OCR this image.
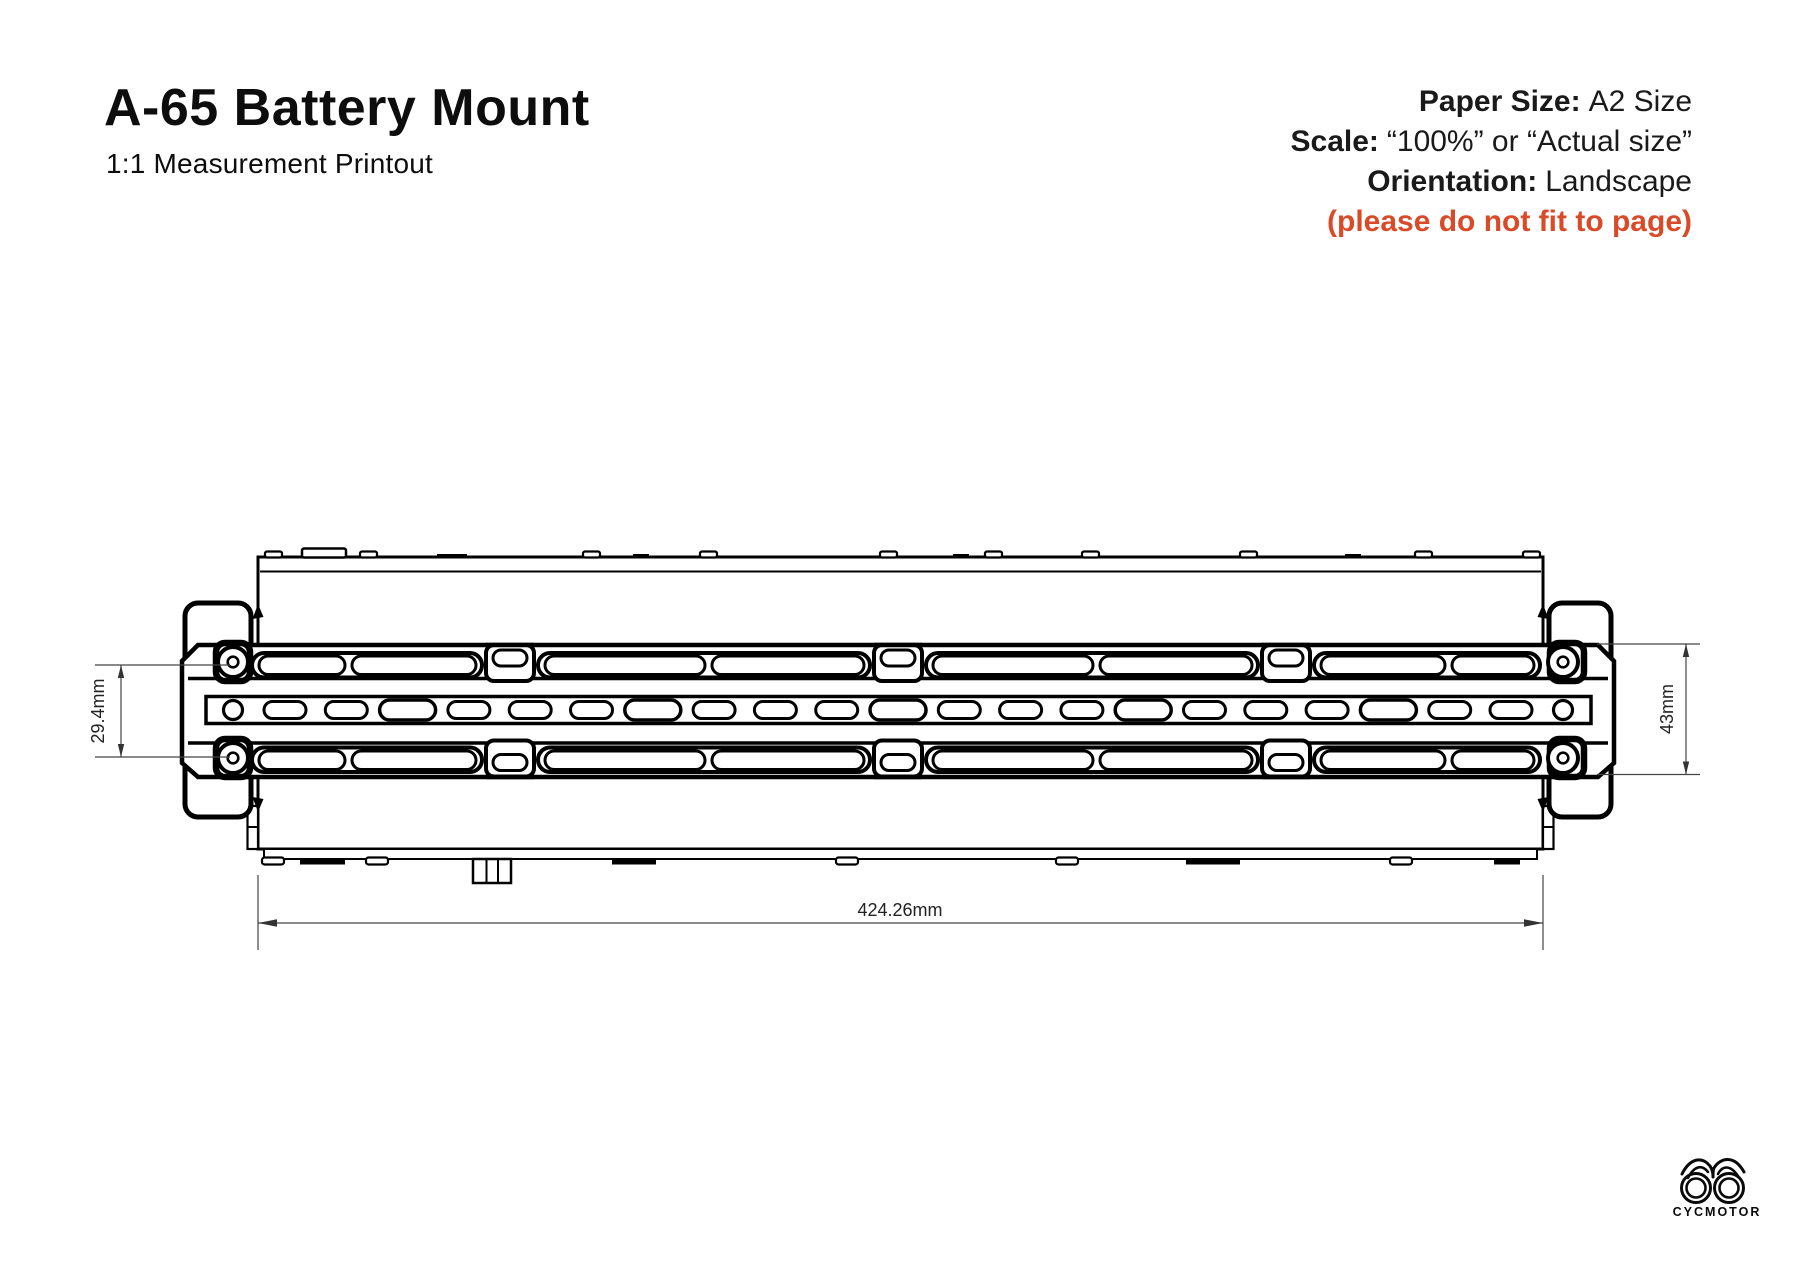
A-65 Battery Mount
1:1 Measurement Printout
Paper Size: A2 Size
Scale: “100%” or “Actual size”
Orientation: Landscape
(please do not fit to page)
29.4mm	43mm
424.26mm
CYCMOTOR
